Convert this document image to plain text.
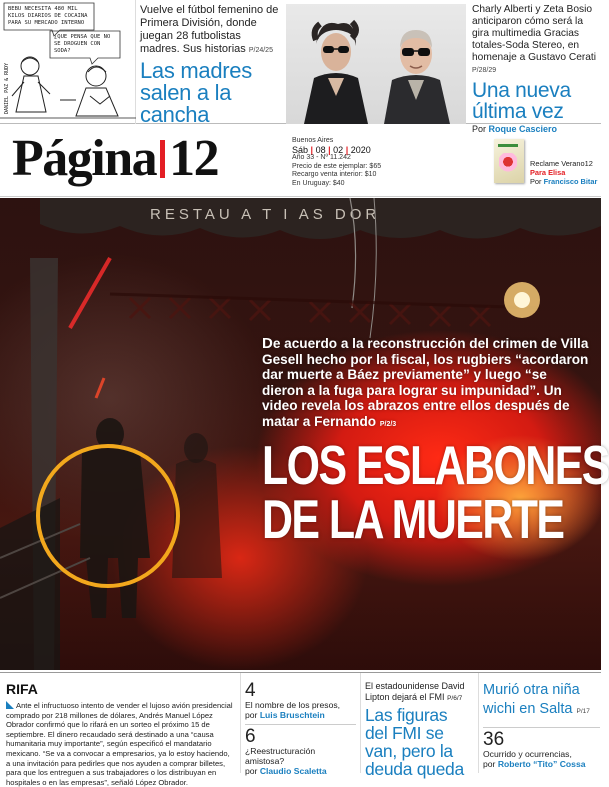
BEBU NECESITA 480 MIL KILOS DIARIOS DE COCAINA PARA SU MERCADO INTERNO
¿QUE PENSA QUE NO SE DROGUEN CON SODA?
DANIEL PAZ & RUDY
Vuelve el fútbol femenino de Primera División, donde juegan 28 futbolistas madres. Sus historias P/24/25
Las madres salen a la cancha
Charly Alberti y Zeta Bosio anticiparon cómo será la gira multimedia Gracias totales-Soda Stereo, en homenaje a Gustavo Cerati P/28/29
Una nueva última vez
Por Roque Casciero
Página 12	Buenos Aires
Sáb | 08 | 02 | 2020
Año 33 - Nº 11.242
Precio de este ejemplar: $65
Recargo venta interior: $10
En Uruguay: $40
Reclame Verano12
Para Elisa
Por Francisco Bitar
RESTAU A T I AS DOR
De acuerdo a la reconstrucción del crimen de Villa Gesell hecho por la fiscal, los rugbiers “acordaron dar muerte a Báez previamente” y luego “se dieron a la fuga para lograr su impunidad”. Un video revela los abrazos entre ellos después de matar a Fernando P/2/3
LOS ESLABONES
DE LA MUERTE
RIFA
Ante el infructuoso intento de vender el lujoso avión presidencial comprado por 218 millones de dólares, Andrés Manuel López Obrador confirmó que lo rifará en un sorteo el próximo 15 de septiembre. El dinero recaudado será destinado a una “causa humanitaria muy importante”, según especificó el mandatario mexicano. “Se va a convocar a empresarios, ya lo estoy haciendo, a una invitación para pedirles que nos ayuden a comprar billetes, para que los entreguen a sus trabajadores o los distribuyan en hospitales o en las empresas”, señaló López Obrador.
4
El nombre de los presos,
por Luis Bruschtein
6
¿Reestructuración amistosa?
por Claudio Scaletta
El estadounidense David Lipton dejará el FMI P/6/7
Las figuras del FMI se van, pero la deuda queda
Murió otra niña wichi en Salta P/17
36
Ocurrido y ocurrencias,
por Roberto “Tito” Cossa
